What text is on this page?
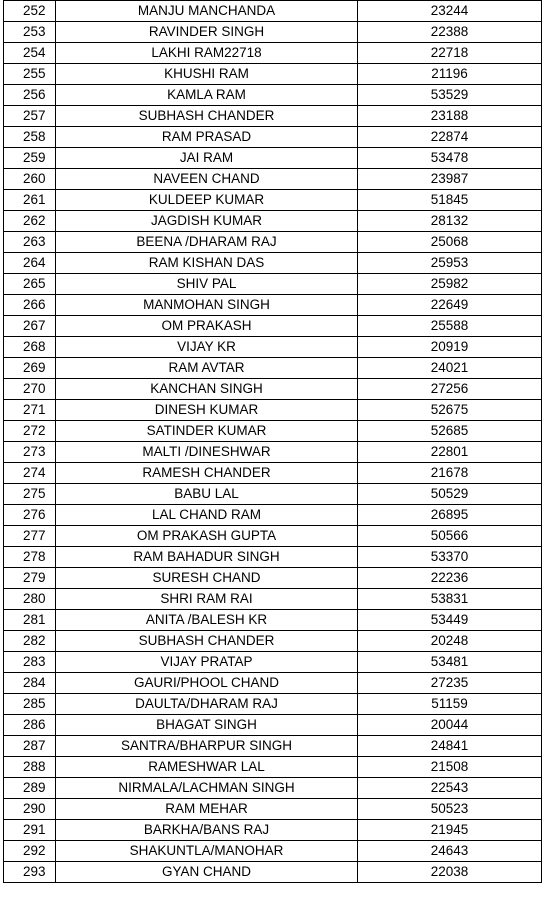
252	MANJU MANCHANDA	23244
253	RAVINDER SINGH	22388
254	LAKHI RAM22718	22718
255	KHUSHI RAM	21196
256	KAMLA RAM	53529
257	SUBHASH CHANDER	23188
258	RAM PRASAD	22874
259	JAI RAM	53478
260	NAVEEN CHAND	23987
261	KULDEEP KUMAR	51845
262	JAGDISH KUMAR	28132
263	BEENA /DHARAM RAJ	25068
264	RAM KISHAN DAS	25953
265	SHIV PAL	25982
266	MANMOHAN SINGH	22649
267	OM PRAKASH	25588
268	VIJAY KR	20919
269	RAM AVTAR	24021
270	KANCHAN SINGH	27256
271	DINESH KUMAR	52675
272	SATINDER KUMAR	52685
273	MALTI /DINESHWAR	22801
274	RAMESH CHANDER	21678
275	BABU LAL	50529
276	LAL CHAND RAM	26895
277	OM PRAKASH GUPTA	50566
278	RAM BAHADUR SINGH	53370
279	SURESH CHAND	22236
280	SHRI RAM RAI	53831
281	ANITA /BALESH KR	53449
282	SUBHASH CHANDER	20248
283	VIJAY PRATAP	53481
284	GAURI/PHOOL CHAND	27235
285	DAULTA/DHARAM RAJ	51159
286	BHAGAT SINGH	20044
287	SANTRA/BHARPUR SINGH	24841
288	RAMESHWAR LAL	21508
289	NIRMALA/LACHMAN SINGH	22543
290	RAM MEHAR	50523
291	BARKHA/BANS RAJ	21945
292	SHAKUNTLA/MANOHAR	24643
293	GYAN CHAND	22038
